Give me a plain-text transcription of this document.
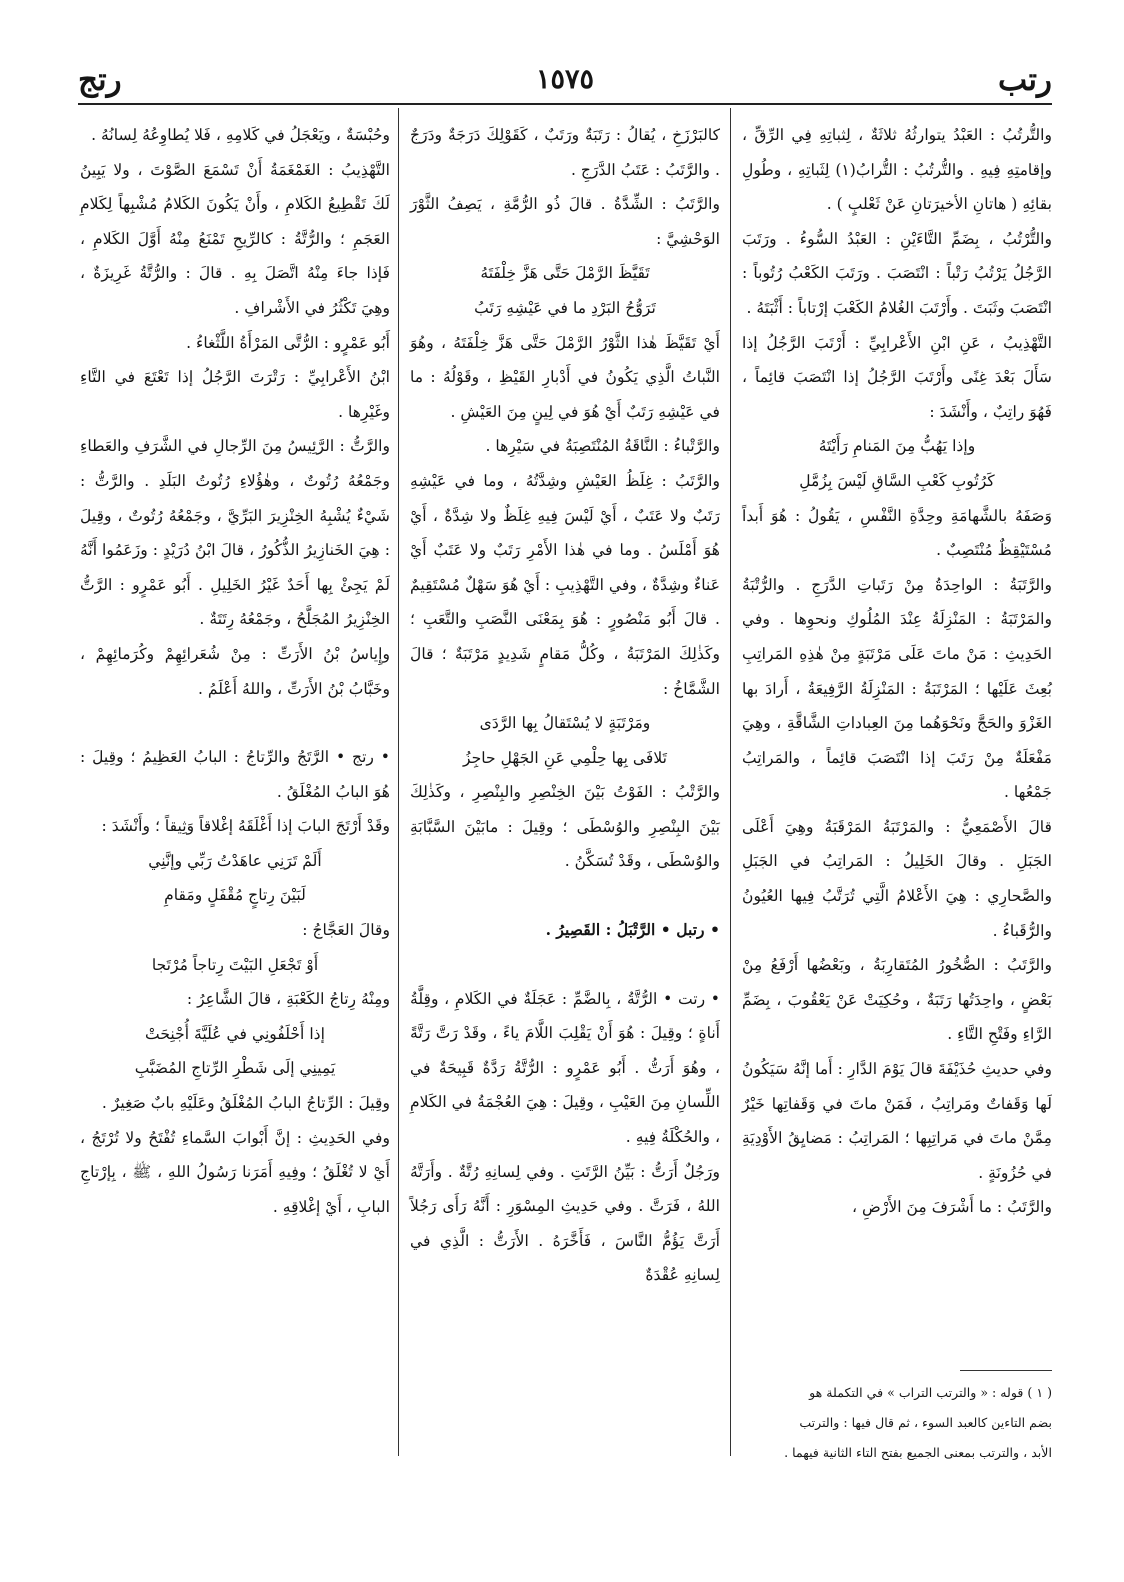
رتب
١٥٧٥
رتج

والتُّرتُبُ : العَبْدُ يتوارثُهُ ثلاثَةٌ ، لِثباتِهِ فِي الرِّقِّ ، وإقامتِهِ فِيهِ . والتُّرتُبُ : التُّرابُ(١) لِثَباتِهِ ، وطُولِ بقائِهِ ( هاتانِ الأخيرَتانِ عَنْ ثَعْلبٍ ) .

والتُّرْتُبُ ، بِضَمِّ التَّاءَيْنِ : العَبْدُ السُّوءُ . ورَتَبَ الرَّجُلُ يَرْتُبُ رَتْباً : انْتَصَبَ . ورَتَبَ الكَعْبُ رُتُوباً : انْتَصَبَ وثَبَتَ . وأَرْتَبَ الغُلامُ الكَعْبَ إرْتاباً : أَثْبَتَهُ .

التَّهْذِيبُ ، عَنِ ابْنِ الأَعْرابِيِّ : أَرْتَبَ الرَّجُلُ إذا سَأَلَ بَعْدَ غِنًى وأَرْتَبَ الرَّجُلُ إذا انْتَصَبَ قائِماً ، فَهُوَ راتِبٌ ، وأَنْشَدَ :

وإذا يَهُبُّ مِنَ المَنامِ رَأَيْتَهُ

كَرُتُوبِ كَعْبِ السَّاقِ لَيْسَ بِزُمَّلِ

وَصَفَهُ بالشَّهامَةِ وحِدَّةِ النَّفْسِ ، يَقُولُ : هُوَ أَبداً مُسْتَيْقِظٌ مُنْتَصِبٌ .

والرَّتَبَةُ : الواحِدَةُ مِنْ رَتَباتِ الدَّرَجِ . والرُّتْبَةُ والمَرْتَبَةُ : المَنْزِلَةُ عِنْدَ المُلُوكِ ونحوِها . وفي الحَدِيثِ : مَنْ ماتَ عَلَى مَرْتَبَةٍ مِنْ هٰذِهِ المَراتِبِ بُعِثَ عَلَيْها ؛ المَرْتَبَةُ : المَنْزِلَةُ الرَّفِيعَةُ ، أَرادَ بها الغَزْوَ والحَجَّ ونَحْوَهُما مِنَ العِباداتِ الشَّاقَّةِ ، وهِيَ مَفْعَلَةٌ مِنْ رَتَبَ إذا انْتَصَبَ قائِماً ، والمَراتِبُ جَمْعُها .

قالَ الأَصْمَعِيُّ : والمَرْتَبَةُ المَرْقَبَةُ وهِيَ أَعْلَى الجَبَلِ . وقالَ الخَلِيلُ : المَراتِبُ في الجَبَلِ والصَّحارِي : هِيَ الأَعْلامُ الَّتِي تُرَتَّبُ فِيها العُيُونُ والرُّقَباءُ .

والرَّتَبُ : الصُّخُورُ المُتَقارِبَةُ ، وبَعْضُها أَرْفَعُ مِنْ بَعْضٍ ، واحِدَتُها رَتَبَةٌ ، وحُكِيَتْ عَنْ يَعْقُوبَ ، بِضَمِّ الرَّاءِ وفَتْحِ التَّاءِ .

وفي حديثِ حُذَيْفَةَ قالَ يَوْمَ الدَّارِ : أَما إنَّهُ سَيَكُونُ لَها وَقَفاتٌ ومَراتِبُ ، فَمَنْ ماتَ في وَقَفاتِها خَيْرٌ مِمَّنْ ماتَ في مَراتِبِها ؛ المَراتِبُ : مَضايِقُ الأَوْدِيَةِ في حُزُونَةٍ .

والرَّتَبُ : ما أَشْرَفَ مِنَ الأَرْضِ ،

كالبَرْزَخِ ، يُقالُ : رَتَبَةٌ ورَتَبٌ ، كَقَوْلِكَ دَرَجَةٌ ودَرَجٌ . والرَّتَبُ : عَتَبُ الدَّرَجِ .

والرَّتَبُ : الشِّدَّةُ . قالَ ذُو الرُّمَّةِ ، يَصِفُ الثَّوْرَ الوَحْشِيَّ :

تَقَيَّظَ الرَّمْلَ حَتَّى هَزَّ خِلْفَتَهُ

تَرَوُّحُ البَرْدِ ما في عَيْشِهِ رَتَبُ

أَيْ تَقَيَّظَ هٰذا الثَّوْرُ الرَّمْلَ حَتَّى هَزَّ خِلْفَتَهُ ، وهُوَ النَّباتُ الَّذِي يَكُونُ في أَدْبارِ القَيْظِ ، وقَوْلُهُ : ما في عَيْشِهِ رَتَبٌ أَيْ هُوَ في لِينٍ مِنَ العَيْشِ .

والرَّتْباءُ : النَّاقَةُ المُنْتَصِبَةُ في سَيْرِها .

والرَّتَبُ : غِلَظُ العَيْشِ وشِدَّتُهُ ، وما في عَيْشِهِ رَتَبٌ ولا عَتَبٌ ، أَيْ لَيْسَ فِيهِ غِلَظٌ ولا شِدَّةٌ ، أَيْ هُوَ أَمْلَسُ . وما في هٰذا الأَمْرِ رَتَبٌ ولا عَتَبٌ أَيْ عَناءٌ وشِدَّةٌ ، وفي التَّهْذِيبِ : أَيْ هُوَ سَهْلٌ مُسْتَقِيمٌ . قالَ أَبُو مَنْصُورٍ : هُوَ بِمَعْنَى النَّصَبِ والتَّعَبِ ؛ وكَذٰلِكَ المَرْتَبَةُ ، وكُلُّ مَقامٍ شَدِيدٍ مَرْتَبَةٌ ؛ قالَ الشَّمَّاخُ :

ومَرْتَبَةٍ لا يُسْتَقالُ بِها الرَّدَى

تَلافَى بِها حِلْمِي عَنِ الجَهْلِ حاجِزُ

والرَّتْبُ : الفَوْتُ بَيْنَ الخِنْصِرِ والبِنْصِرِ ، وكَذٰلِكَ بَيْنَ البِنْصِرِ والوُسْطَى ؛ وقِيلَ : مابَيْنَ السَّبَّابَةِ والوُسْطَى ، وقَدْ تُسَكَّنُ .

• رتبل • الرَّتْبَلُ : القَصِيرُ .

• رتت • الرُّتَّةُ ، بِالضَّمِّ : عَجَلَةٌ في الكَلامِ ، وقِلَّةُ أَناةٍ ؛ وقِيلَ : هُوَ أَنْ يَقْلِبَ اللَّامَ ياءً ، وقَدْ رَتَّ رَتَّةً ، وهُوَ أَرَتُّ . أَبُو عَمْرٍو : الرُّتَّةُ رَدَّةٌ قَبِيحَةٌ في اللِّسانِ مِنَ العَيْبِ ، وقِيلَ : هِيَ العُجْمَةُ في الكَلامِ ، والحُكْلَةُ فِيهِ .

ورَجُلٌ أَرَتُّ : بَيِّنُ الرَّتَتِ . وفي لِسانِهِ رُتَّةٌ . وأَرَتَّهُ اللهُ ، فَرَتَّ . وفي حَدِيثِ المِسْوَرِ : أَنَّهُ رَأَى رَجُلاً أَرَتَّ يَؤُمُّ النَّاسَ ، فَأَخَّرَهُ . الأَرَتُّ : الَّذِي في لِسانِهِ عُقْدَةٌ

وحُبْسَةٌ ، ويَعْجَلُ في كَلامِهِ ، فَلا يُطاوِعُهُ لِسانُهُ .

التَّهْذِيبُ : الغَمْغَمَةُ أَنْ تَسْمَعَ الصَّوْتَ ، ولا يَبِينُ لَكَ تَقْطِيعُ الكَلامِ ، وأَنْ يَكُونَ الكَلامُ مُشْبِهاً لِكَلامِ العَجَمِ ؛ والرُّتَّةُ : كالرِّيحِ تَمْنَعُ مِنْهُ أَوَّلَ الكَلامِ ، فَإذا جاءَ مِنْهُ اتَّصَلَ بِهِ . قالَ : والرُّتَّةُ غَرِيزَةٌ ، وهِيَ تَكْثُرُ في الأَشْرافِ .

أَبُو عَمْرٍو : الرُّتَّى المَرْأَةُ اللَّثْغاءُ .

ابْنُ الأَعْرابِيِّ : رَتْرَتَ الرَّجُلُ إذا تَعْتَعَ في التَّاءِ وغَيْرِها .

والرَّتُّ : الرَّئِيسُ مِنَ الرِّجالِ في الشَّرَفِ والعَطاءِ وجَمْعُهُ رُتُوتٌ ، وهٰؤُلاءِ رُتُوتُ البَلَدِ . والرَّتُّ : شَيْءٌ يُشْبِهُ الخِنْزِيرَ البَرِّيَّ ، وجَمْعُهُ رُتُوتٌ ، وقِيلَ : هِيَ الخَنازِيرُ الذُّكُورُ ، قالَ ابْنُ دُرَيْدٍ : وزَعَمُوا أَنَّهُ لَمْ يَجِئْ بِها أَحَدٌ غَيْرُ الخَلِيلِ . أَبُو عَمْرٍو : الرَّتُّ الخِنْزِيرُ المُجَلَّحُ ، وجَمْعُهُ رِتَتَةٌ .

وإِياسُ بْنُ الأَرَتِّ : مِنْ شُعَرائِهِمْ وكُرَمائِهِمْ ، وخَبَّابُ بْنُ الأَرَتِّ ، واللهُ أَعْلَمُ .

• رتج • الرَّتَجُ والرِّتاجُ : البابُ العَظِيمُ ؛ وقِيلَ : هُوَ البابُ المُغْلَقُ .

وقَدْ أَرْتَجَ البابَ إذا أَغْلَقَهُ إغْلاقاً وَثِيقاً ؛ وأَنْشَدَ :

أَلَمْ تَرَنِي عاهَدْتُ رَبِّي وإنَّنِي

لَبَيْنَ رِتاجٍ مُقْفَلٍ ومَقامِ

وقالَ العَجَّاجُ :

أَوْ تَجْعَلِ البَيْتَ رِتاجاً مُرْتَجا

ومِنْهُ رِتاجُ الكَعْبَةِ ، قالَ الشَّاعِرُ :

إذا أَحْلَفُونِي في عُلَيَّةَ أُجْنِحَتْ

يَمِينِي إلَى شَطْرِ الرِّتاجِ المُضَبَّبِ

وقِيلَ : الرِّتاجُ البابُ المُغْلَقُ وعَلَيْهِ بابٌ صَغِيرٌ .

وفي الحَدِيثِ : إنَّ أَبْوابَ السَّماءِ تُفْتَحُ ولا تُرْتَجُ ، أَيْ لا تُغْلَقُ ؛ وفِيهِ أَمَرَنا رَسُولُ اللهِ ، ﷺ ، بِإرْتاجِ البابِ ، أَيْ إغْلاقِهِ .

( ١ ) قوله : « والترتب التراب » في التكملة هو

بضم التاءين كالعبد السوء ، ثم قال فيها : والترتب

الأبد ، والترتب بمعنى الجميع بفتح التاء الثانية فيهما .
